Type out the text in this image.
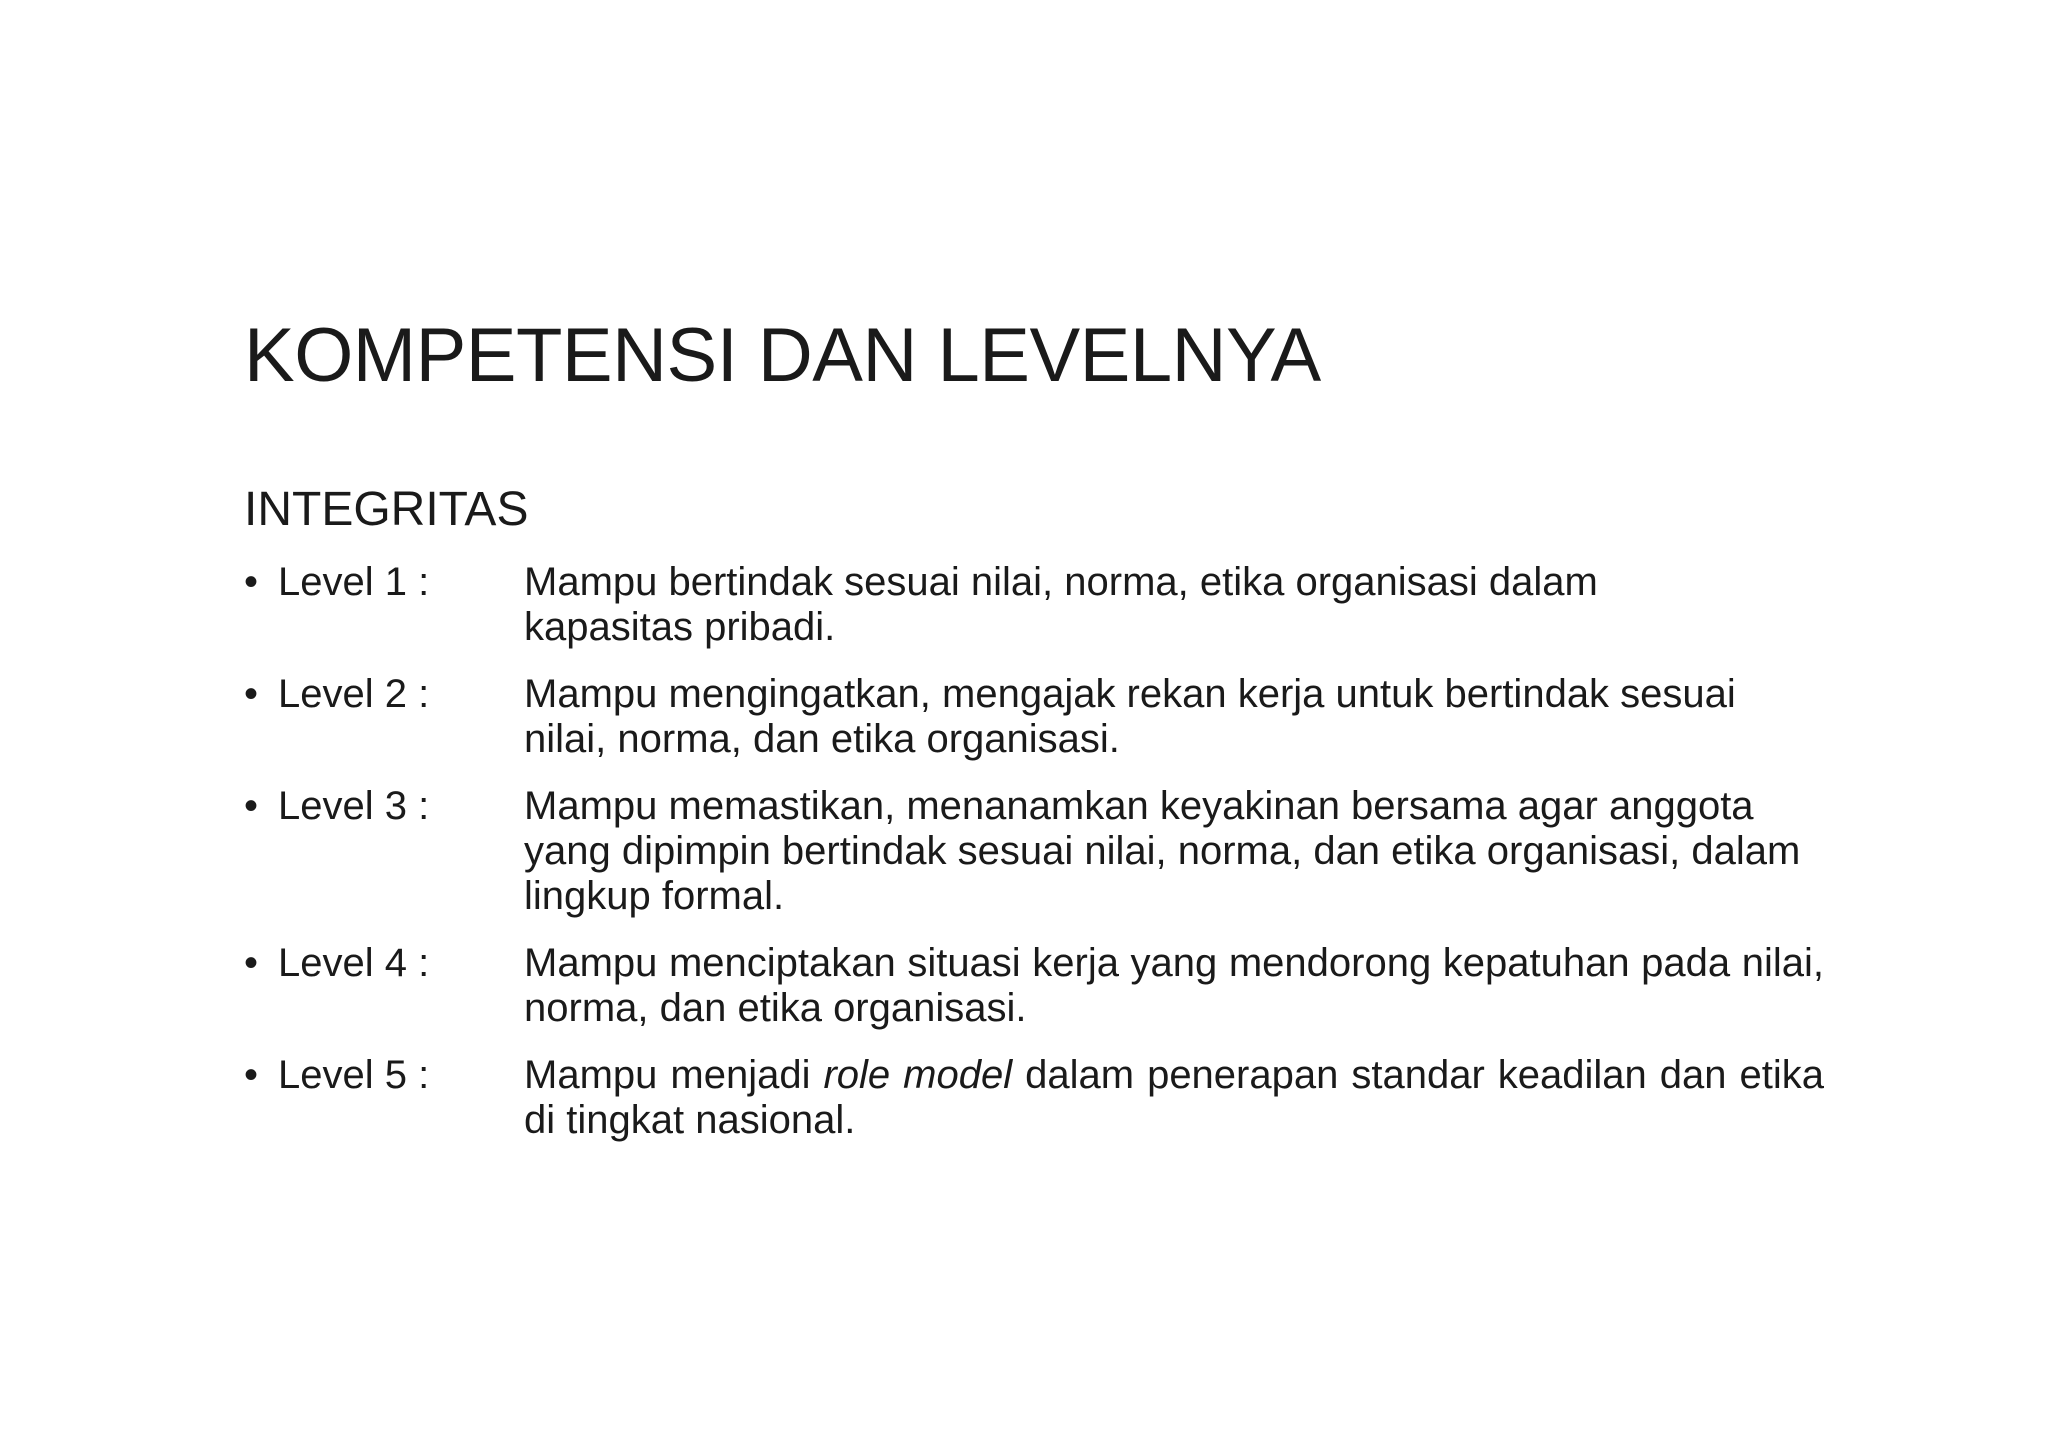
KOMPETENSI DAN LEVELNYA
INTEGRITAS
• Level 1 :	Mampu bertindak sesuai nilai, norma, etika organisasi dalam kapasitas pribadi.
• Level 2 :	Mampu mengingatkan, mengajak rekan kerja untuk bertindak sesuai nilai, norma, dan etika organisasi.
• Level 3 :	Mampu memastikan, menanamkan keyakinan bersama agar anggota yang dipimpin bertindak sesuai nilai, norma, dan etika organisasi, dalam lingkup formal.
• Level 4 :	Mampu menciptakan situasi kerja yang mendorong kepatuhan pada nilai, norma, dan etika organisasi.
• Level 5 :	Mampu menjadi role model dalam penerapan standar keadilan dan etika di tingkat nasional.
